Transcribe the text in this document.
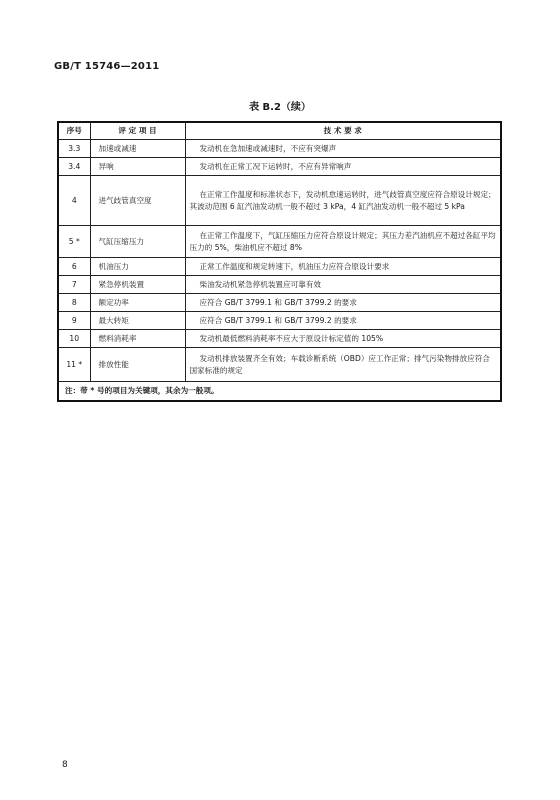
GB/T 15746—2011
表 B.2（续）
序号	评 定 项 目	技 术 要 求
3.3	加速或减速	发动机在急加速或减速时，不应有突爆声
3.4	异响	发动机在正常工况下运转时，不应有异常响声
4	进气歧管真空度	在正常工作温度和标准状态下，发动机怠速运转时，进气歧管真空度应符合原设计规定；其波动范围 6 缸汽油发动机一般不超过 3 kPa，4 缸汽油发动机一般不超过 5 kPa
5 *	气缸压缩压力	在正常工作温度下，气缸压缩压力应符合原设计规定；其压力差汽油机应不超过各缸平均压力的 5%，柴油机应不超过 8%
6	机油压力	正常工作温度和规定转速下，机油压力应符合原设计要求
7	紧急停机装置	柴油发动机紧急停机装置应可靠有效
8	额定功率	应符合 GB/T 3799.1 和 GB/T 3799.2 的要求
9	最大转矩	应符合 GB/T 3799.1 和 GB/T 3799.2 的要求
10	燃料消耗率	发动机最低燃料消耗率不应大于原设计标定值的 105%
11 *	排放性能	发动机排放装置齐全有效；车载诊断系统（OBD）应工作正常；排气污染物排放应符合国家标准的规定
注：带 * 号的项目为关键项，其余为一般项。		
8
